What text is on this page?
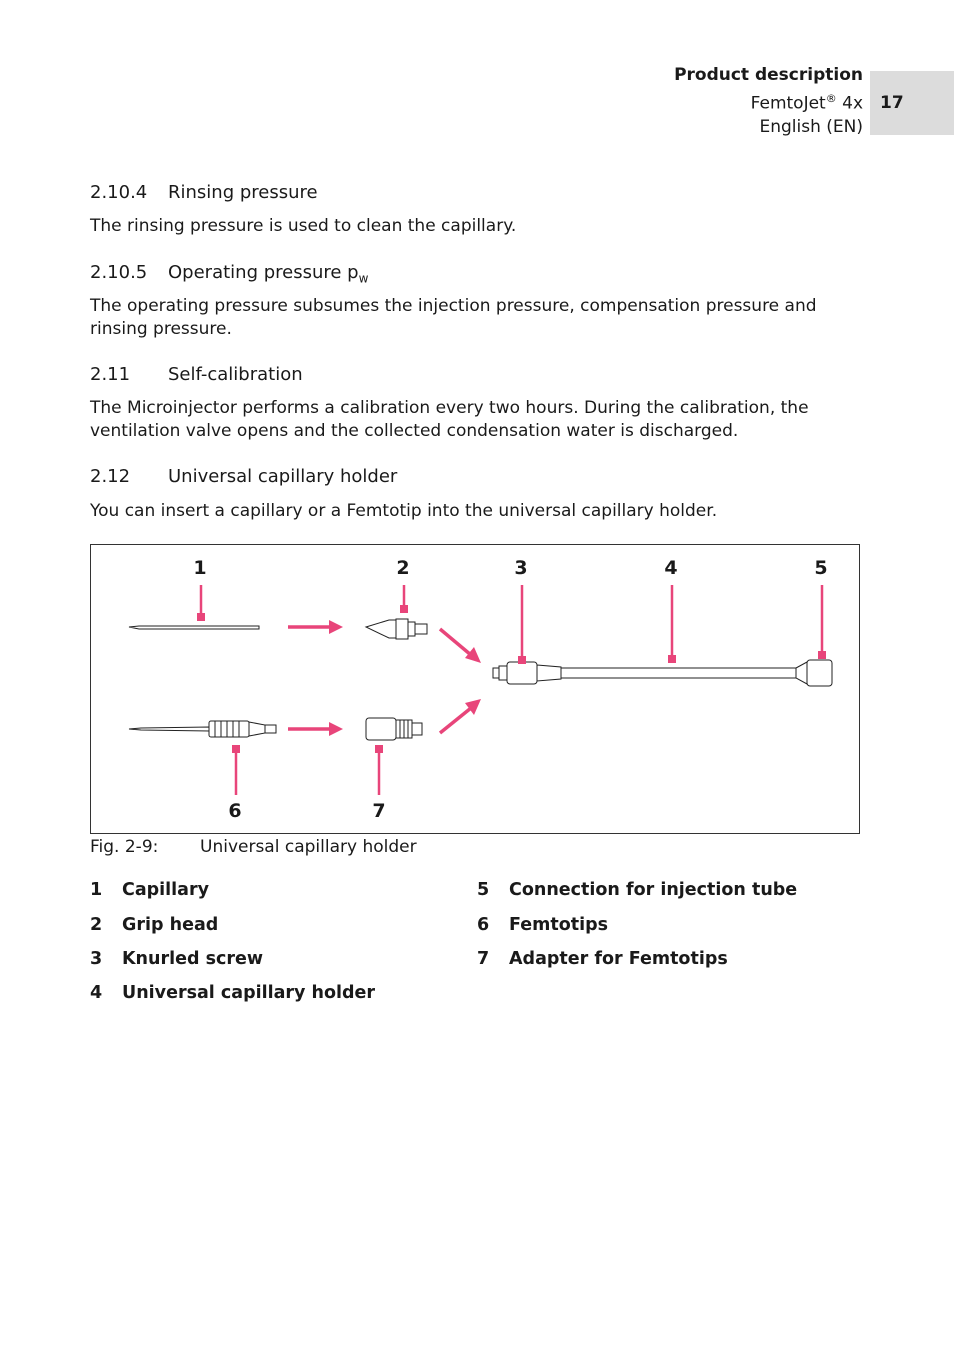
Product description
FemtoJet® 4x
English (EN)
17
2.10.4 Rinsing pressure
The rinsing pressure is used to clean the capillary.
2.10.5 Operating pressure $p_w$
The operating pressure subsumes the injection pressure, compensation pressure and rinsing pressure.
2.11 Self-calibration
The Microinjector performs a calibration every two hours. During the calibration, the ventilation valve opens and the collected condensation water is discharged.
2.12 Universal capillary holder
You can insert a capillary or a Femtotip into the universal capillary holder.
1	2	3	4	5
6	7
Fig. 2-9: Universal capillary holder
1 Capillary
2 Grip head
3 Knurled screw
4 Universal capillary holder
5 Connection for injection tube
6 Femtotips
7 Adapter for Femtotips
